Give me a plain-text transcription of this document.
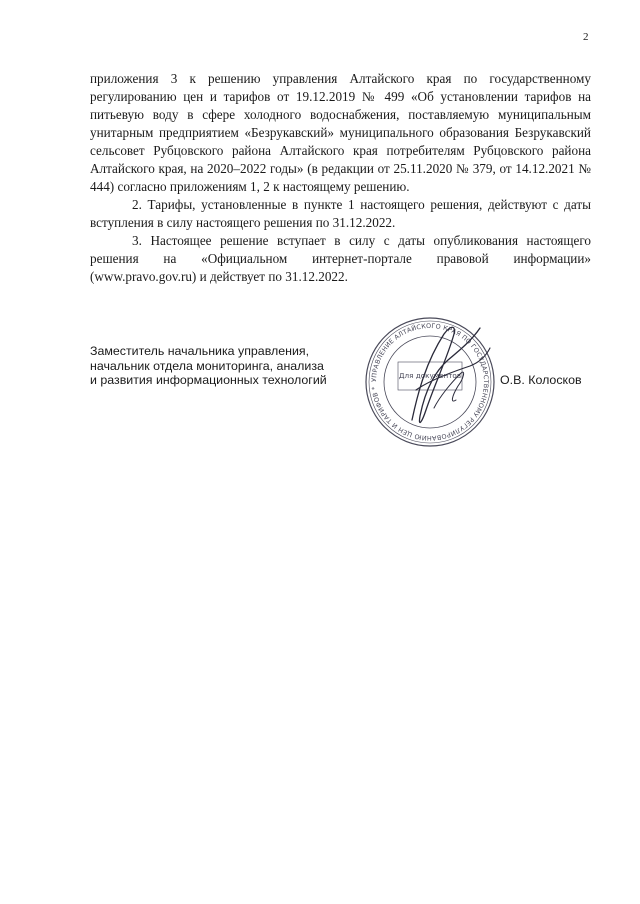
2

приложения 3 к решению управления Алтайского края по государственному регулированию цен и тарифов от 19.12.2019 № 499 «Об установлении тарифов на питьевую воду в сфере холодного водоснабжения, поставляемую муниципальным унитарным предприятием «Безрукавский» муниципального образования Безрукавский сельсовет Рубцовского района Алтайского края потребителям Рубцовского района Алтайского края, на 2020–2022 годы» (в редакции от 25.11.2020 № 379, от 14.12.2021 № 444) согласно приложениям 1, 2 к настоящему решению.

2. Тарифы, установленные в пункте 1 настоящего решения, действуют с даты вступления в силу настоящего решения по 31.12.2022.

3. Настоящее решение вступает в силу с даты опубликования настоящего решения на «Официальном интернет-портале правовой информации» (www.pravo.gov.ru) и действует по 31.12.2022.

Заместитель начальника управления,
начальник отдела мониторинга, анализа
и развития информационных технологий	УПРАВЛЕНИЕ АЛТАЙСКОГО КРАЯ ПО ГОСУДАРСТВЕННОМУ РЕГУЛИРОВАНИЮ ЦЕН И ТАРИФОВ *
Для документов	О.В. Колосков
